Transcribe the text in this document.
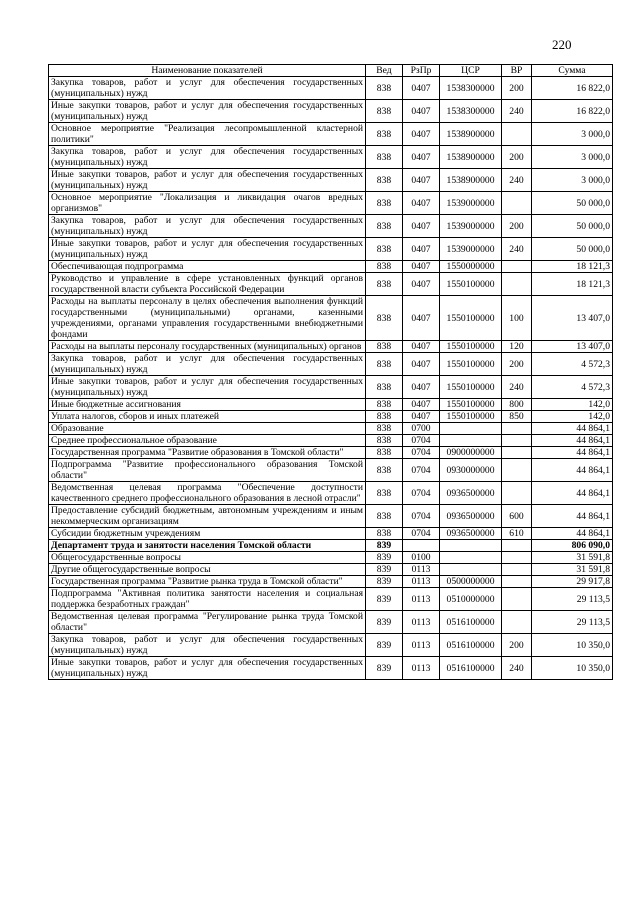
220
Наименование показателей	Вед	РзПр	ЦСР	ВР	Сумма
Закупка товаров, работ и услуг для обеспечения государственных (муниципальных) нужд	838	0407	1538300000	200	16 822,0
Иные закупки товаров, работ и услуг для обеспечения государственных (муниципальных) нужд	838	0407	1538300000	240	16 822,0
Основное мероприятие "Реализация лесопромышленной кластерной политики"	838	0407	1538900000		3 000,0
Закупка товаров, работ и услуг для обеспечения государственных (муниципальных) нужд	838	0407	1538900000	200	3 000,0
Иные закупки товаров, работ и услуг для обеспечения государственных (муниципальных) нужд	838	0407	1538900000	240	3 000,0
Основное мероприятие "Локализация и ликвидация очагов вредных организмов"	838	0407	1539000000		50 000,0
Закупка товаров, работ и услуг для обеспечения государственных (муниципальных) нужд	838	0407	1539000000	200	50 000,0
Иные закупки товаров, работ и услуг для обеспечения государственных (муниципальных) нужд	838	0407	1539000000	240	50 000,0
Обеспечивающая подпрограмма	838	0407	1550000000		18 121,3
Руководство и управление в сфере установленных функций органов государственной власти субъекта Российской Федерации	838	0407	1550100000		18 121,3
Расходы на выплаты персоналу в целях обеспечения выполнения функций государственными (муниципальными) органами, казенными учреждениями, органами управления государственными внебюджетными фондами	838	0407	1550100000	100	13 407,0
Расходы на выплаты персоналу государственных (муниципальных) органов	838	0407	1550100000	120	13 407,0
Закупка товаров, работ и услуг для обеспечения государственных (муниципальных) нужд	838	0407	1550100000	200	4 572,3
Иные закупки товаров, работ и услуг для обеспечения государственных (муниципальных) нужд	838	0407	1550100000	240	4 572,3
Иные бюджетные ассигнования	838	0407	1550100000	800	142,0
Уплата налогов, сборов и иных платежей	838	0407	1550100000	850	142,0
Образование	838	0700			44 864,1
Среднее профессиональное образование	838	0704			44 864,1
Государственная программа "Развитие образования в Томской области"	838	0704	0900000000		44 864,1
Подпрограмма "Развитие профессионального образования Томской области"	838	0704	0930000000		44 864,1
Ведомственная целевая программа "Обеспечение доступности качественного среднего профессионального образования в лесной отрасли"	838	0704	0936500000		44 864,1
Предоставление субсидий бюджетным, автономным учреждениям и иным некоммерческим организациям	838	0704	0936500000	600	44 864,1
Субсидии бюджетным учреждениям	838	0704	0936500000	610	44 864,1
Департамент труда и занятости населения Томской области	839				806 090,0
Общегосударственные вопросы	839	0100			31 591,8
Другие общегосударственные вопросы	839	0113			31 591,8
Государственная программа "Развитие рынка труда в Томской области"	839	0113	0500000000		29 917,8
Подпрограмма "Активная политика занятости населения и социальная поддержка безработных граждан"	839	0113	0510000000		29 113,5
Ведомственная целевая программа "Регулирование рынка труда Томской области"	839	0113	0516100000		29 113,5
Закупка товаров, работ и услуг для обеспечения государственных (муниципальных) нужд	839	0113	0516100000	200	10 350,0
Иные закупки товаров, работ и услуг для обеспечения государственных (муниципальных) нужд	839	0113	0516100000	240	10 350,0
